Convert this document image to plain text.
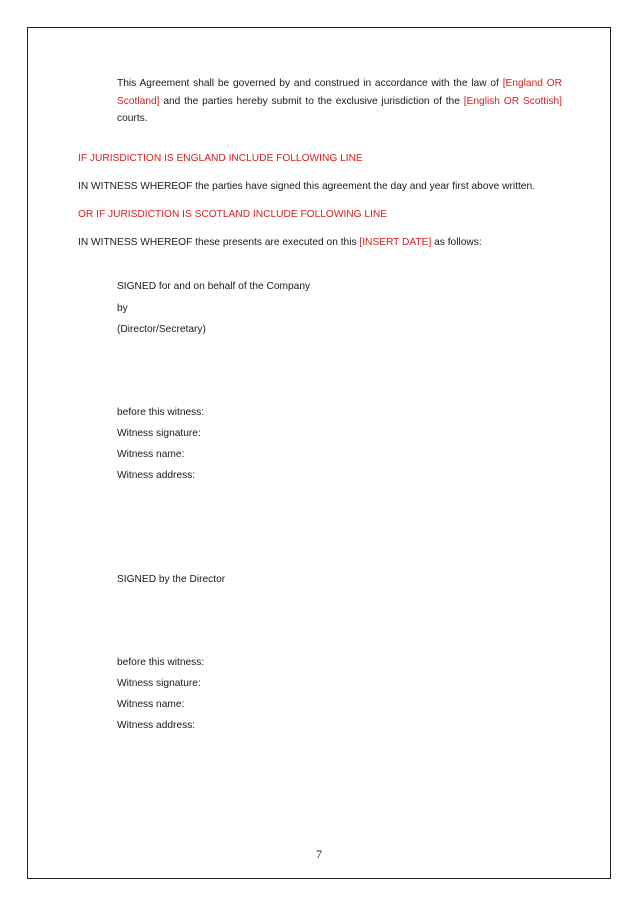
This Agreement shall be governed by and construed in accordance with the law of [England OR Scotland] and the parties hereby submit to the exclusive jurisdiction of the [English OR Scottish] courts.
IF JURISDICTION IS ENGLAND INCLUDE FOLLOWING LINE
IN WITNESS WHEREOF the parties have signed this agreement the day and year first above written.
OR IF JURISDICTION IS SCOTLAND INCLUDE FOLLOWING LINE
IN WITNESS WHEREOF these presents are executed on this [INSERT DATE] as follows:
SIGNED for and on behalf of the Company
by
(Director/Secretary)
before this witness:
Witness signature:
Witness name:
Witness address:
SIGNED by the Director
before this witness:
Witness signature:
Witness name:
Witness address:
7
